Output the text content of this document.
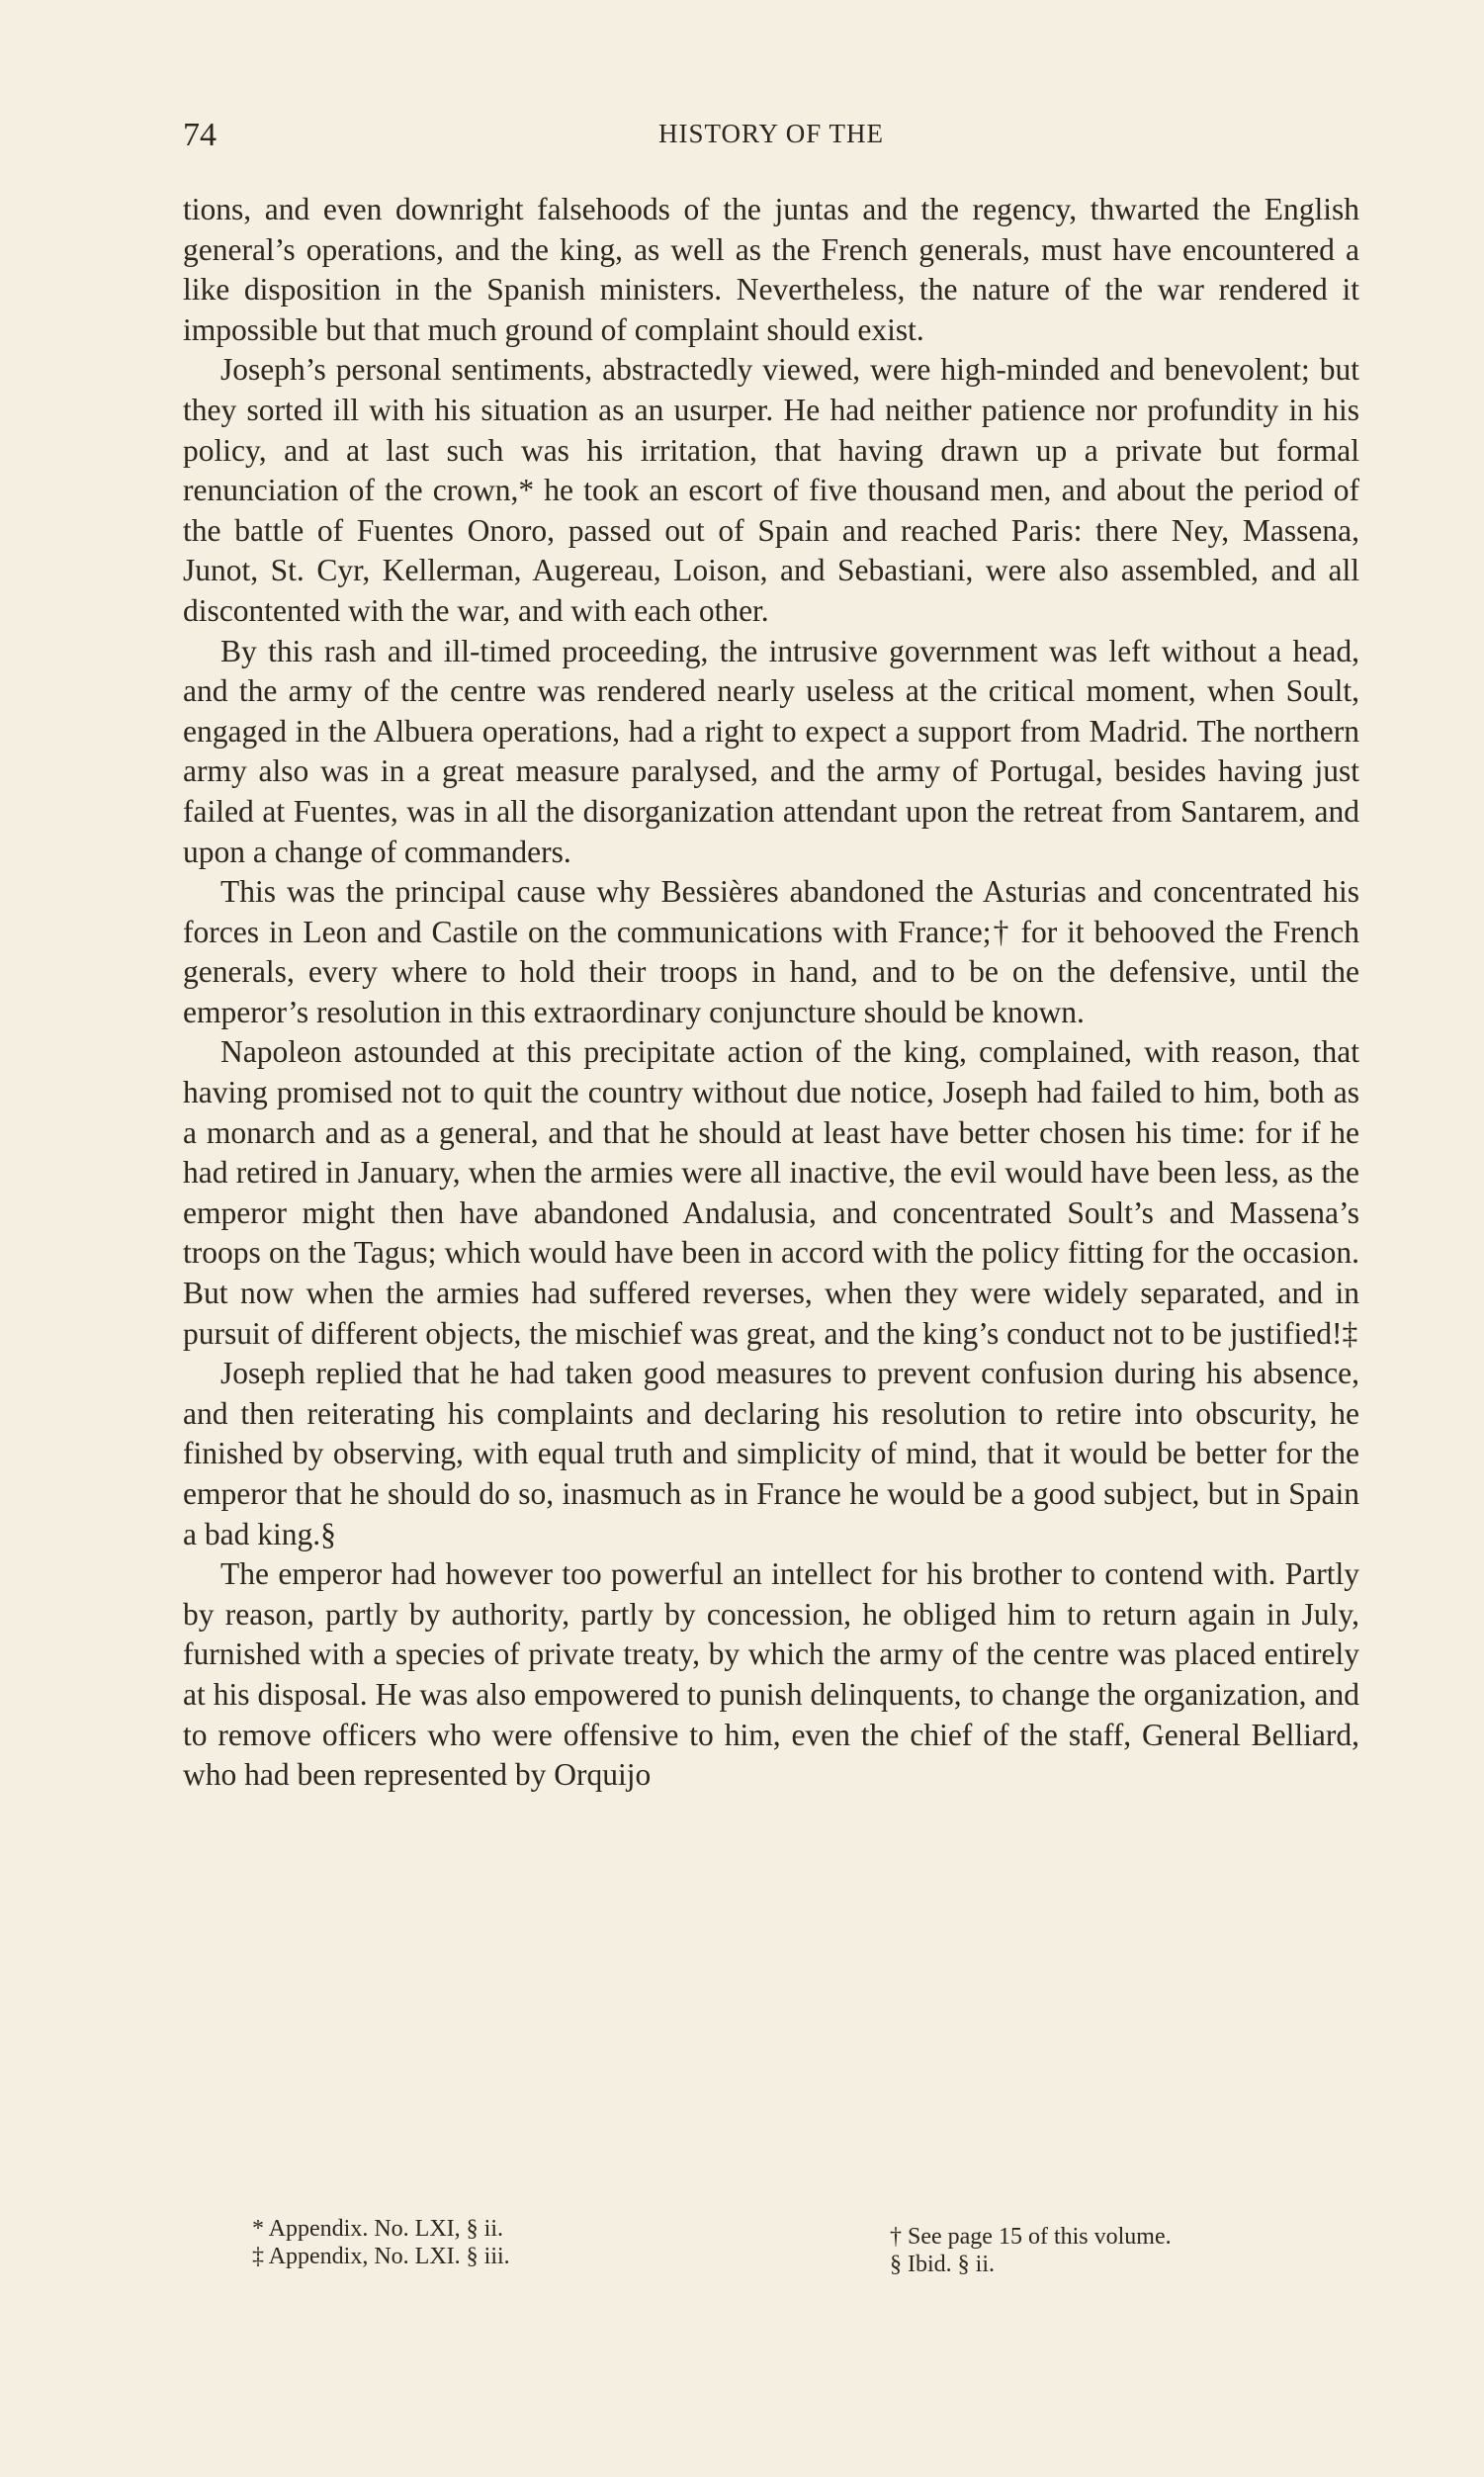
74	HISTORY OF THE

tions, and even downright falsehoods of the juntas and the regency, thwarted the English general’s operations, and the king, as well as the French generals, must have encountered a like disposition in the Spanish ministers. Nevertheless, the nature of the war rendered it impossible but that much ground of complaint should exist.

Joseph’s personal sentiments, abstractedly viewed, were high-minded and benevolent; but they sorted ill with his situation as an usurper. He had neither patience nor profundity in his policy, and at last such was his irritation, that having drawn up a private but formal renunciation of the crown,* he took an escort of five thousand men, and about the period of the battle of Fuentes Onoro, passed out of Spain and reached Paris: there Ney, Massena, Junot, St. Cyr, Kellerman, Augereau, Loison, and Sebastiani, were also assembled, and all discontented with the war, and with each other.

By this rash and ill-timed proceeding, the intrusive government was left without a head, and the army of the centre was rendered nearly useless at the critical moment, when Soult, engaged in the Albuera operations, had a right to expect a support from Madrid. The northern army also was in a great measure paralysed, and the army of Portugal, besides having just failed at Fuentes, was in all the disorganization attendant upon the retreat from Santarem, and upon a change of commanders.

This was the principal cause why Bessières abandoned the Asturias and concentrated his forces in Leon and Castile on the communications with France;† for it behooved the French generals, every where to hold their troops in hand, and to be on the defensive, until the emperor’s resolution in this extraordinary conjuncture should be known.

Napoleon astounded at this precipitate action of the king, complained, with reason, that having promised not to quit the country without due notice, Joseph had failed to him, both as a monarch and as a general, and that he should at least have better chosen his time: for if he had retired in January, when the armies were all inactive, the evil would have been less, as the emperor might then have abandoned Andalusia, and concentrated Soult’s and Massena’s troops on the Tagus; which would have been in accord with the policy fitting for the occasion. But now when the armies had suffered reverses, when they were widely separated, and in pursuit of different objects, the mischief was great, and the king’s conduct not to be justified!‡

Joseph replied that he had taken good measures to prevent confusion during his absence, and then reiterating his complaints and declaring his resolution to retire into obscurity, he finished by observing, with equal truth and simplicity of mind, that it would be better for the emperor that he should do so, inasmuch as in France he would be a good subject, but in Spain a bad king.§

The emperor had however too powerful an intellect for his brother to contend with. Partly by reason, partly by authority, partly by concession, he obliged him to return again in July, furnished with a species of private treaty, by which the army of the centre was placed entirely at his disposal. He was also empowered to punish delinquents, to change the organization, and to remove officers who were offensive to him, even the chief of the staff, General Belliard, who had been represented by Orquijo

* Appendix. No. LXI, § ii.
‡ Appendix, No. LXI. § iii.
† See page 15 of this volume.
§ Ibid. § ii.
